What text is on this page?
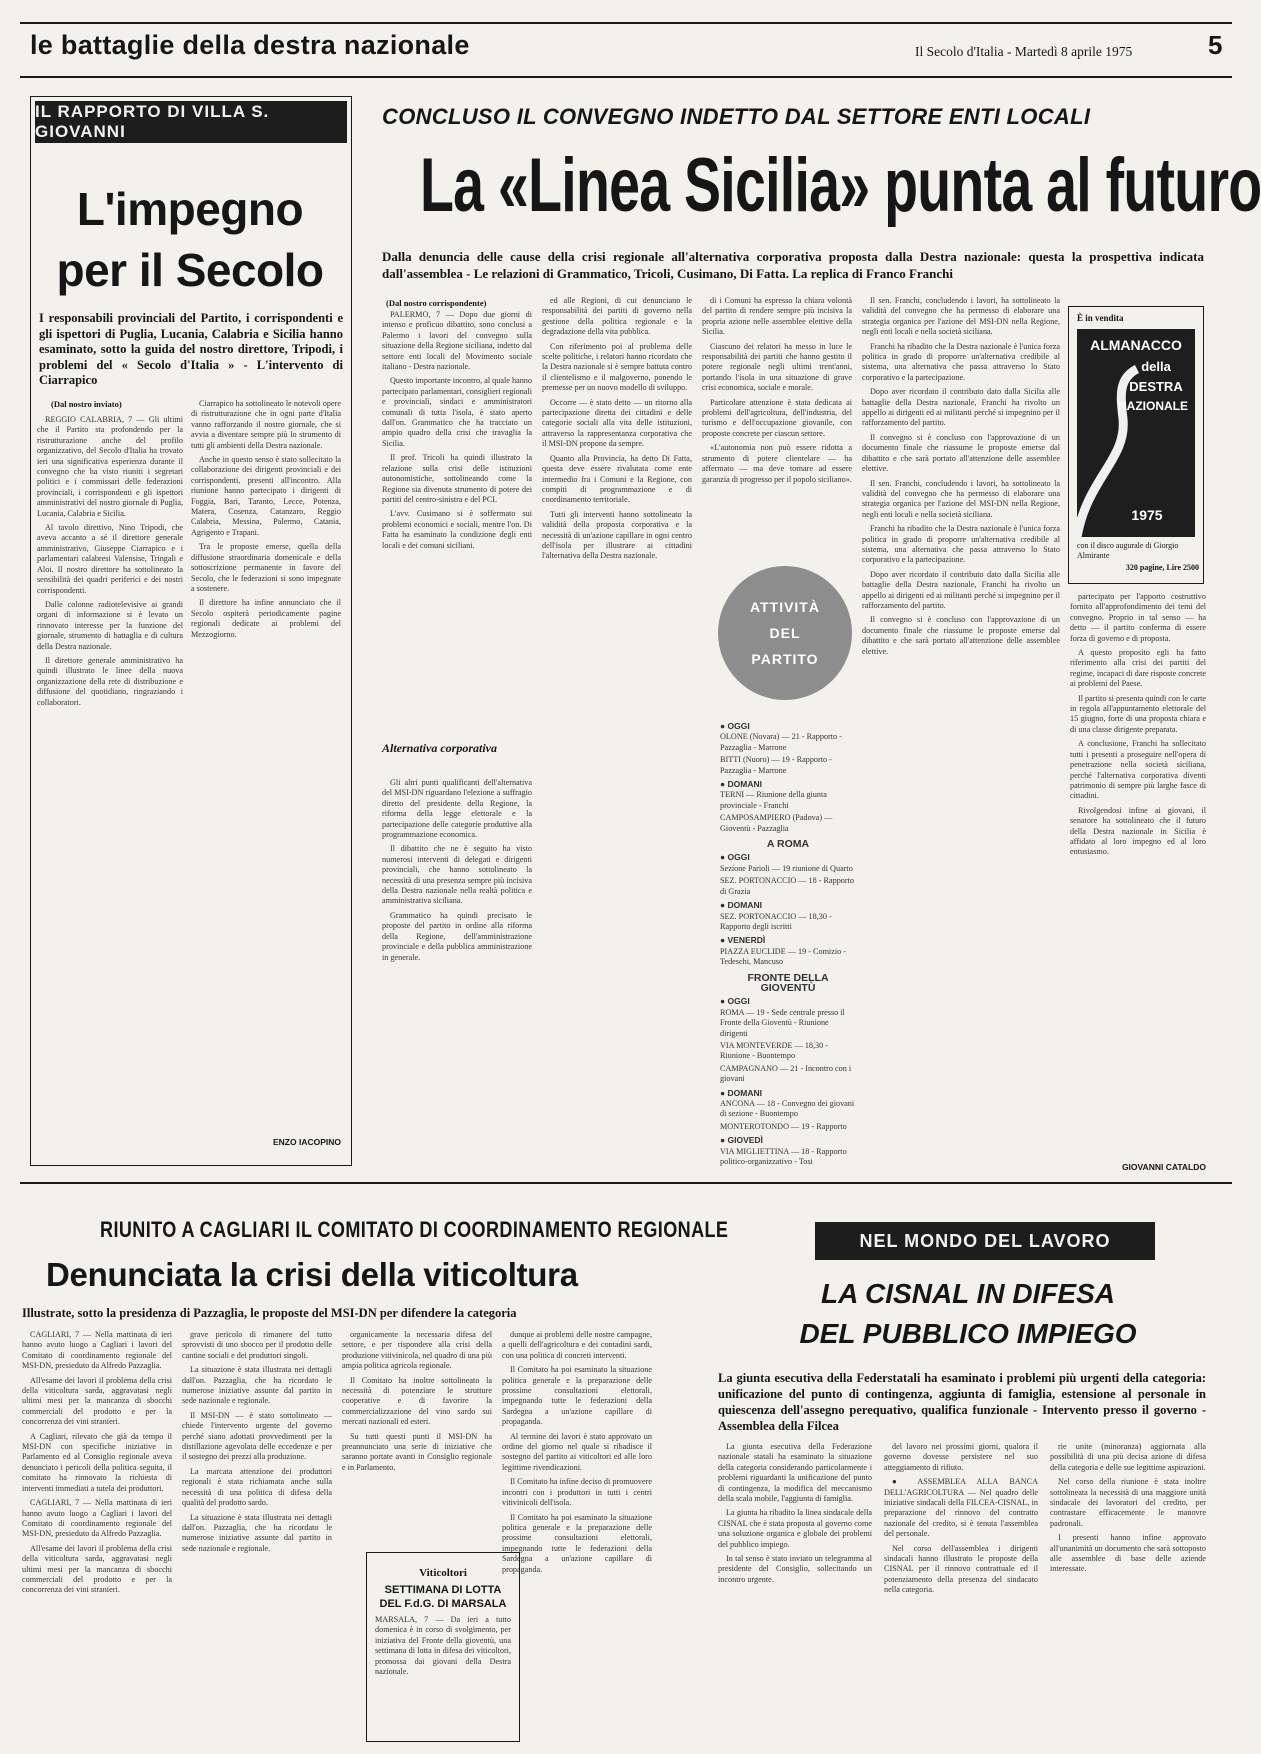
le battaglie della destra nazionale	Il Secolo d'Italia - Martedì 8 aprile 1975	5
IL RAPPORTO DI VILLA S. GIOVANNI
L'impegno
per il Secolo
I responsabili provinciali del Partito, i corrispondenti e gli ispettori di Puglia, Lucania, Calabria e Sicilia hanno esaminato, sotto la guida del nostro direttore, Tripodi, i problemi del « Secolo d'Italia » - L'intervento di Ciarrapico
(Dal nostro inviato)

REGGIO CALABRIA, 7 — Gli ultimi che il Partito sta profondendo per la ristrutturazione anche del profilo organizzativo, del Secolo d'Italia ha trovato ieri una significativa esperienza durante il convegno che ha visto riuniti i segretari politici e i commissari delle federazioni provinciali, i corrispondenti e gli ispettori amministrativi del nostro giornale di Puglia, Lucania, Calabria e Sicilia.

Al tavolo direttivo, Nino Tripodi, che aveva accanto a sé il direttore generale amministrativo, Giuseppe Ciarrapico e i parlamentari calabresi Valensise, Tringali e Aloi. Il nostro direttore ha sottolineato la sensibilità dei quadri periferici e dei nostri corrispondenti.

Dalle colonne radiotelevisive ai grandi organi di informazione si è levato un rinnovato interesse per la funzione del giornale, strumento di battaglia e di cultura della Destra nazionale.

Il direttore generale amministrativo ha quindi illustrato le linee della nuova organizzazione della rete di distribuzione e diffusione del quotidiano, ringraziando i collaboratori.

Ciarrapico ha sottolineato le notevoli opere di ristrutturazione che in ogni parte d'Italia vanno rafforzando il nostro giornale, che si avvia a diventare sempre più lo strumento di tutti gli ambienti della Destra nazionale.

Anche in questo senso è stato sollecitato la collaborazione dei dirigenti provinciali e dei corrispondenti, presenti all'incontro. Alla riunione hanno partecipato i dirigenti di Foggia, Bari, Taranto, Lecce, Potenza, Matera, Cosenza, Catanzaro, Reggio Calabria, Messina, Palermo, Catania, Agrigento e Trapani.

Tra le proposte emerse, quella della diffusione straordinaria domenicale e della sottoscrizione permanente in favore del Secolo, che le federazioni si sono impegnate a sostenere.

Il direttore ha infine annunciato che il Secolo ospiterà periodicamente pagine regionali dedicate ai problemi del Mezzogiorno.

ENZO IACOPINO
CONCLUSO IL CONVEGNO INDETTO DAL SETTORE ENTI LOCALI
La «Linea Sicilia» punta al futuro
Dalla denuncia delle cause della crisi regionale all'alternativa corporativa proposta dalla Destra nazionale: questa la prospettiva indicata dall'assemblea - Le relazioni di Grammatico, Tricoli, Cusimano, Di Fatta. La replica di Franco Franchi
(Dal nostro corrispondente)

PALERMO, 7 — Dopo due giorni di intenso e proficuo dibattito, sono conclusi a Palermo i lavori del convegno sulla situazione della Regione siciliana, indetto dal settore enti locali del Movimento sociale italiano - Destra nazionale.

Questo importante incontro, al quale hanno partecipato parlamentari, consiglieri regionali e provinciali, sindaci e amministratori comunali di tutta l'isola, è stato aperto dall'on. Grammatico che ha tracciato un ampio quadro della crisi che travaglia la Sicilia.

Il prof. Tricoli ha quindi illustrato la relazione sulla crisi delle istituzioni autonomistiche, sottolineando come la Regione sia divenuta strumento di potere dei partiti del centro-sinistra e del PCI.

L'avv. Cusimano si è soffermato sui problemi economici e sociali, mentre l'on. Di Fatta ha esaminato la condizione degli enti locali e dei comuni siciliani.

Alternativa corporativa

Gli altri punti qualificanti dell'alternativa del MSI-DN riguardano l'elezione a suffragio diretto del presidente della Regione, la riforma della legge elettorale e la partecipazione delle categorie produttive alla programmazione economica.

Il dibattito che ne è seguito ha visto numerosi interventi di delegati e dirigenti provinciali, che hanno sottolineato la necessità di una presenza sempre più incisiva della Destra nazionale nella realtà politica e amministrativa siciliana.

Grammatico ha quindi precisato le proposte del partito in ordine alla riforma della Regione, dell'amministrazione provinciale e della pubblica amministrazione in generale.

ed alle Regioni, di cui denunciano le responsabilità dei partiti di governo nella gestione della politica regionale e la degradazione della vita pubblica.

Con riferimento poi al problema delle scelte politiche, i relatori hanno ricordato che la Destra nazionale si è sempre battuta contro il clientelismo e il malgoverno, ponendo le premesse per un nuovo modello di sviluppo.

Occorre — è stato detto — un ritorno alla partecipazione diretta dei cittadini e delle categorie sociali alla vita delle istituzioni, attraverso la rappresentanza corporativa che il MSI-DN propone da sempre.

Quanto alla Provincia, ha detto Di Fatta, questa deve essere rivalutata come ente intermedio fra i Comuni e la Regione, con compiti di programmazione e di coordinamento territoriale.

Tutti gli interventi hanno sottolineato la validità della proposta corporativa e la necessità di un'azione capillare in ogni centro dell'isola per illustrare ai cittadini l'alternativa della Destra nazionale.

di i Comuni ha espresso la chiara volontà del partito di rendere sempre più incisiva la propria azione nelle assemblee elettive della Sicilia.

Ciascuno dei relatori ha messo in luce le responsabilità dei partiti che hanno gestito il potere regionale negli ultimi trent'anni, portando l'isola in una situazione di grave crisi economica, sociale e morale.

Particolare attenzione è stata dedicata ai problemi dell'agricoltura, dell'industria, del turismo e dell'occupazione giovanile, con proposte concrete per ciascun settore.

«L'autonomia non può essere ridotta a strumento di potere clientelare — ha affermato — ma deve tornare ad essere garanzia di progresso per il popolo siciliano».

ATTIVITÀ
DEL
PARTITO
● OGGI
OLONE (Novara) — 21 - Rapporto - Pazzaglia - Marrone
BITTI (Nuoro) — 19 - Rapporto - Pazzaglia - Marrone
● DOMANI
TERNI — Riunione della giunta provinciale - Franchi
CAMPOSAMPIERO (Padova) — Gioventù - Pazzaglia
A ROMA
● OGGI
Sezione Parioli — 19 riunione di Quarto
SEZ. PORTONACCIO — 18 - Rapporto di Grazia
● DOMANI
SEZ. PORTONACCIO — 18,30 - Rapporto degli iscritti
● VENERDÌ
PIAZZA EUCLIDE — 19 - Comizio - Tedeschi, Mancuso
FRONTE DELLA GIOVENTÙ
● OGGI
ROMA — 19 - Sede centrale presso il Fronte della Gioventù - Riunione dirigenti
VIA MONTEVERDE — 18,30 - Riunione - Buontempo
CAMPAGNANO — 21 - Incontro con i giovani
● DOMANI
ANCONA — 18 - Convegno dei giovani di sezione - Buontempo
MONTEROTONDO — 19 - Rapporto
● GIOVEDÌ
VIA MIGLIETTINA — 18 - Rapporto politico-organizzativo - Tosi

Il sen. Franchi, concludendo i lavori, ha sottolineato la validità del convegno che ha permesso di elaborare una strategia organica per l'azione del MSI-DN nella Regione, negli enti locali e nella società siciliana.

Franchi ha ribadito che la Destra nazionale è l'unica forza politica in grado di proporre un'alternativa credibile al sistema, una alternativa che passa attraverso lo Stato corporativo e la partecipazione.

Dopo aver ricordato il contributo dato dalla Sicilia alle battaglie della Destra nazionale, Franchi ha rivolto un appello ai dirigenti ed ai militanti perché si impegnino per il rafforzamento del partito.

Il convegno si è concluso con l'approvazione di un documento finale che riassume le proposte emerse dal dibattito e che sarà portato all'attenzione delle assemblee elettive.

Il sen. Franchi, concludendo i lavori, ha sottolineato la validità del convegno che ha permesso di elaborare una strategia organica per l'azione del MSI-DN nella Regione, negli enti locali e nella società siciliana.

Franchi ha ribadito che la Destra nazionale è l'unica forza politica in grado di proporre un'alternativa credibile al sistema, una alternativa che passa attraverso lo Stato corporativo e la partecipazione.

Dopo aver ricordato il contributo dato dalla Sicilia alle battaglie della Destra nazionale, Franchi ha rivolto un appello ai dirigenti ed ai militanti perché si impegnino per il rafforzamento del partito.

Il convegno si è concluso con l'approvazione di un documento finale che riassume le proposte emerse dal dibattito e che sarà portato all'attenzione delle assemblee elettive.

È in vendita
ALMANACCO
della
DESTRA
NAZIONALE
1975
con il disco augurale di Giorgio Almirante
320 pagine, Lire 2500

partecipato per l'apporto costruttivo fornito all'approfondimento dei temi del convegno. Proprio in tal senso — ha detto — il partito conferma di essere forza di governo e di proposta.

A questo proposito egli ha fatto riferimento alla crisi dei partiti del regime, incapaci di dare risposte concrete ai problemi del Paese.

Il partito si presenta quindi con le carte in regola all'appuntamento elettorale del 15 giugno, forte di una proposta chiara e di una classe dirigente preparata.

A conclusione, Franchi ha sollecitato tutti i presenti a proseguire nell'opera di penetrazione nella società siciliana, perché l'alternativa corporativa diventi patrimonio di sempre più larghe fasce di cittadini.

Rivolgendosi infine ai giovani, il senatore ha sottolineato che il futuro della Destra nazionale in Sicilia è affidato al loro impegno ed al loro entusiasmo.

GIOVANNI CATALDO
RIUNITO A CAGLIARI IL COMITATO DI COORDINAMENTO REGIONALE
Denunciata la crisi della viticoltura
Illustrate, sotto la presidenza di Pazzaglia, le proposte del MSI-DN per difendere la categoria

CAGLIARI, 7 — Nella mattinata di ieri hanno avuto luogo a Cagliari i lavori del Comitato di coordinamento regionale del MSI-DN, presieduto da Alfredo Pazzaglia.

All'esame dei lavori il problema della crisi della viticoltura sarda, aggravatasi negli ultimi mesi per la mancanza di sbocchi commerciali del prodotto e per la concorrenza dei vini stranieri.

A Cagliari, rilevato che già da tempo il MSI-DN con specifiche iniziative in Parlamento ed al Consiglio regionale aveva denunciato i pericoli della politica seguita, il comitato ha rinnovato la richiesta di interventi immediati a tutela dei produttori.

CAGLIARI, 7 — Nella mattinata di ieri hanno avuto luogo a Cagliari i lavori del Comitato di coordinamento regionale del MSI-DN, presieduto da Alfredo Pazzaglia.

All'esame dei lavori il problema della crisi della viticoltura sarda, aggravatasi negli ultimi mesi per la mancanza di sbocchi commerciali del prodotto e per la concorrenza dei vini stranieri.

grave pericolo di rimanere del tutto sprovvisti di uno sbocco per il prodotto delle cantine sociali e dei produttori singoli.

La situazione è stata illustrata nei dettagli dall'on. Pazzaglia, che ha ricordato le numerose iniziative assunte dal partito in sede nazionale e regionale.

Il MSI-DN — è stato sottolineato — chiede l'intervento urgente del governo perché siano adottati provvedimenti per la distillazione agevolata delle eccedenze e per il sostegno dei prezzi alla produzione.

La marcata attenzione dei produttori regionali è stata richiamata anche sulla necessità di una politica di difesa della qualità del prodotto sardo.

La situazione è stata illustrata nei dettagli dall'on. Pazzaglia, che ha ricordato le numerose iniziative assunte dal partito in sede nazionale e regionale.

organicamente la necessaria difesa del settore, e per rispondere alla crisi della produzione vitivinicola, nel quadro di una più ampia politica agricola regionale.

Il Comitato ha inoltre sottolineato la necessità di potenziare le strutture cooperative e di favorire la commercializzazione del vino sardo sui mercati nazionali ed esteri.

Su tutti questi punti il MSI-DN ha preannunciato una serie di iniziative che saranno portate avanti in Consiglio regionale e in Parlamento.

dunque ai problemi delle nostre campagne, a quelli dell'agricoltura e dei contadini sardi, con una politica di concreti interventi.

Il Comitato ha poi esaminato la situazione politica generale e la preparazione delle prossime consultazioni elettorali, impegnando tutte le federazioni della Sardegna a un'azione capillare di propaganda.

Al termine dei lavori è stato approvato un ordine del giorno nel quale si ribadisce il sostegno del partito ai viticoltori ed alle loro legittime rivendicazioni.

Il Comitato ha infine deciso di promuovere incontri con i produttori in tutti i centri vitivinicoli dell'isola.

Il Comitato ha poi esaminato la situazione politica generale e la preparazione delle prossime consultazioni elettorali, impegnando tutte le federazioni della Sardegna a un'azione capillare di propaganda.

Viticoltori
SETTIMANA DI LOTTA DEL F.d.G. DI MARSALA
MARSALA, 7 — Da ieri a tutto domenica è in corso di svolgimento, per iniziativa del Fronte della gioventù, una settimana di lotta in difesa dei viticoltori, promossa dai giovani della Destra nazionale.
NEL MONDO DEL LAVORO
LA CISNAL IN DIFESA
DEL PUBBLICO IMPIEGO
La giunta esecutiva della Federstatali ha esaminato i problemi più urgenti della categoria: unificazione del punto di contingenza, aggiunta di famiglia, estensione al personale in quiescenza dell'assegno perequativo, qualifica funzionale - Intervento presso il governo - Assemblea della Filcea

La giunta esecutiva della Federazione nazionale statali ha esaminato la situazione della categoria considerando particolarmente i problemi riguardanti la unificazione del punto di contingenza, la modifica del meccanismo della scala mobile, l'aggiunta di famiglia.

La giunta ha ribadito la linea sindacale della CISNAL che è stata proposta al governo come una soluzione organica e globale dei problemi del pubblico impiego.

In tal senso è stato inviato un telegramma al presidente del Consiglio, sollecitando un incontro urgente.

del lavoro nei prossimi giorni, qualora il governo dovesse persistere nel suo atteggiamento di rifiuto.

● ASSEMBLEA ALLA BANCA DELL'AGRICOLTURA — Nel quadro delle iniziative sindacali della FILCEA-CISNAL, in preparazione del rinnovo del contratto nazionale del credito, si è tenuta l'assemblea del personale.

Nel corso dell'assemblea i dirigenti sindacali hanno illustrato le proposte della CISNAL per il rinnovo contrattuale ed il potenziamento della presenza del sindacato nella categoria.

rie unite (minoranza) aggiornata alla possibilità di una più decisa azione di difesa della categoria e delle sue legittime aspirazioni.

Nel corso della riunione è stata inoltre sottolineata la necessità di una maggiore unità sindacale dei lavoratori del credito, per contrastare efficacemente le manovre padronali.

I presenti hanno infine approvato all'unanimità un documento che sarà sottoposto alle assemblee di base delle aziende interessate.
